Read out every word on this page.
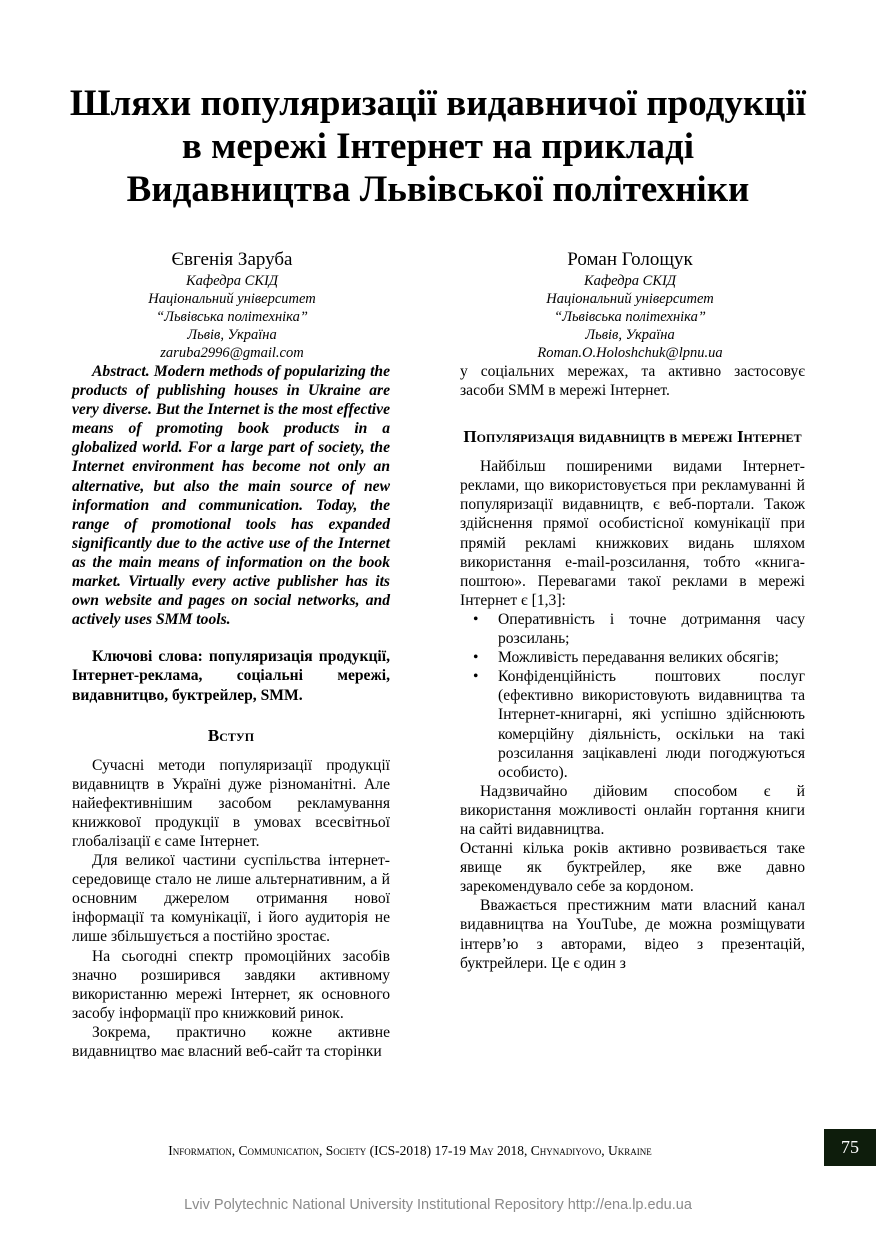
Шляхи популяризації видавничої продукції
в мережі Інтернет на прикладі
Видавництва Львівської політехніки
Євгенія Заруба
Кафедра СКІД
Національний університет
“Львівська політехніка”
Львів, Україна
zaruba2996@gmail.com
Роман Голощук
Кафедра СКІД
Національний університет
“Львівська політехніка”
Львів, Україна
Roman.O.Holoshchuk@lpnu.ua

Abstract. Modern methods of popularizing the products of publishing houses in Ukraine are very diverse. But the Internet is the most effective means of promoting book products in a globalized world. For a large part of society, the Internet environment has become not only an alternative, but also the main source of new information and communication. Today, the range of promotional tools has expanded significantly due to the active use of the Internet as the main means of information on the book market. Virtually every active publisher has its own website and pages on social networks, and actively uses SMM tools.

Ключові слова: популяризація продукції, Інтернет-реклама, соціальні мережі, видавнитцво, буктрейлер, SMM.

Вступ

Сучасні методи популяризації продукції видавництв в Україні дуже різноманітні. Але найефективнішим засобом рекламування книжкової продукції в умовах всесвітньої глобалізації є саме Інтернет.

Для великої частини суспільства інтернет-середовище стало не лише альтернативним, а й основним джерелом отримання нової інформації та комунікації, і його аудиторія не лише збільшується а постійно зростає.

На сьогодні спектр промоційних засобів значно розширився завдяки активному використанню мережі Інтернет, як основного засобу інформації про книжковий ринок.

Зокрема, практично кожне активне видавництво має власний веб-сайт та сторінки

у соціальних мережах, та активно застосовує засоби SMM в мережі Інтернет.

Популяризація видавництв в мережі Інтернет

Найбільш поширеними видами Інтернет-реклами, що використовується при рекламуванні й популяризації видавництв, є веб-портали. Також здійснення прямої особистісної комунікації при прямій рекламі книжкових видань шляхом використання e-mail-розсилання, тобто «книга-поштою». Перевагами такої реклами в мережі Інтернет є [1,3]:

• Оперативність і точне дотримання часу розсилань;
• Можливість передавання великих обсягів;
• Конфіденційність поштових послуг (ефективно використовують видавництва та Інтернет-книгарні, які успішно здійснюють комерційну діяльність, оскільки на такі розсилання зацікавлені люди погоджуються особисто).

Надзвичайно дійовим способом є й використання можливості онлайн гортання книги на сайті видавництва.

Останні кілька років активно розвивається таке явище як буктрейлер, яке вже давно зарекомендувало себе за кордоном.

Вважається престижним мати власний канал видавництва на YouTube, де можна розміщувати інтерв’ю з авторами, відео з презентацій, буктрейлери. Це є один з

Information, Communication, Society (ICS-2018) 17-19 May 2018, Chynadiyovo, Ukraine	75
Lviv Polytechnic National University Institutional Repository http://ena.lp.edu.ua
